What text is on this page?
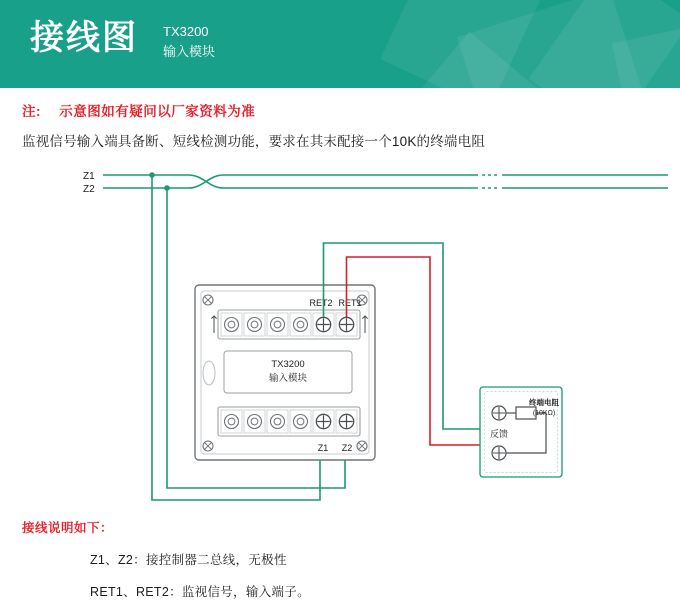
接线图 TX3200
输入模块
注: 示意图如有疑问以厂家资料为准
监视信号输入端具备断、短线检测功能，要求在其末配接一个10K的终端电阻
Z1
Z2
TX3200
输入模块
RET2 RET1
Z1 Z2
反馈
终端电阻
(10KΩ)
接线说明如下：
Z1、Z2：接控制器二总线，无极性
RET1、RET2：监视信号，输入端子。
